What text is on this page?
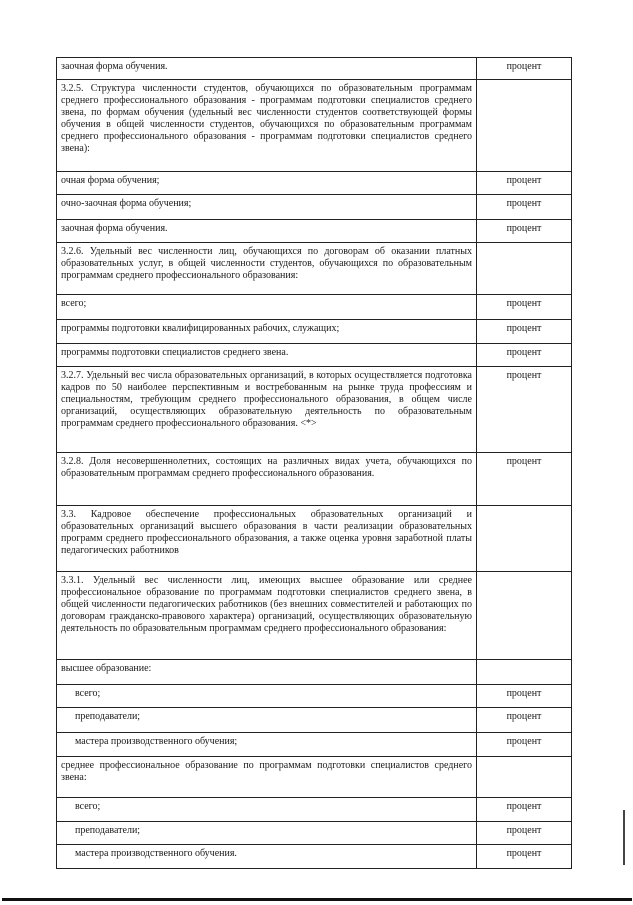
заочная форма обучения.	процент
3.2.5. Структура численности студентов, обучающихся по образовательным программам среднего профессионального образования - программам подготовки специалистов среднего звена, по формам обучения (удельный вес численности студентов соответствующей формы обучения в общей численности студентов, обучающихся по образовательным программам среднего профессионального образования - программам подготовки специалистов среднего звена):	
очная форма обучения;	процент
очно-заочная форма обучения;	процент
заочная форма обучения.	процент
3.2.6. Удельный вес численности лиц, обучающихся по договорам об оказании платных образовательных услуг, в общей численности студентов, обучающихся по образовательным программам среднего профессионального образования:	
всего;	процент
программы подготовки квалифицированных рабочих, служащих;	процент
программы подготовки специалистов среднего звена.	процент
3.2.7. Удельный вес числа образовательных организаций, в которых осуществляется подготовка кадров по 50 наиболее перспективным и востребованным на рынке труда профессиям и специальностям, требующим среднего профессионального образования, в общем числе организаций, осуществляющих образовательную деятельность по образовательным программам среднего профессионального образования. <*>	процент
3.2.8. Доля несовершеннолетних, состоящих на различных видах учета, обучающихся по образовательным программам среднего профессионального образования.	процент
3.3. Кадровое обеспечение профессиональных образовательных организаций и образовательных организаций высшего образования в части реализации образовательных программ среднего профессионального образования, а также оценка уровня заработной платы педагогических работников	
3.3.1. Удельный вес численности лиц, имеющих высшее образование или среднее профессиональное образование по программам подготовки специалистов среднего звена, в общей численности педагогических работников (без внешних совместителей и работающих по договорам гражданско-правового характера) организаций, осуществляющих образовательную деятельность по образовательным программам среднего профессионального образования:	
высшее образование:	
всего;	процент
преподаватели;	процент
мастера производственного обучения;	процент
среднее профессиональное образование по программам подготовки специалистов среднего звена:	
всего;	процент
преподаватели;	процент
мастера производственного обучения.	процент
